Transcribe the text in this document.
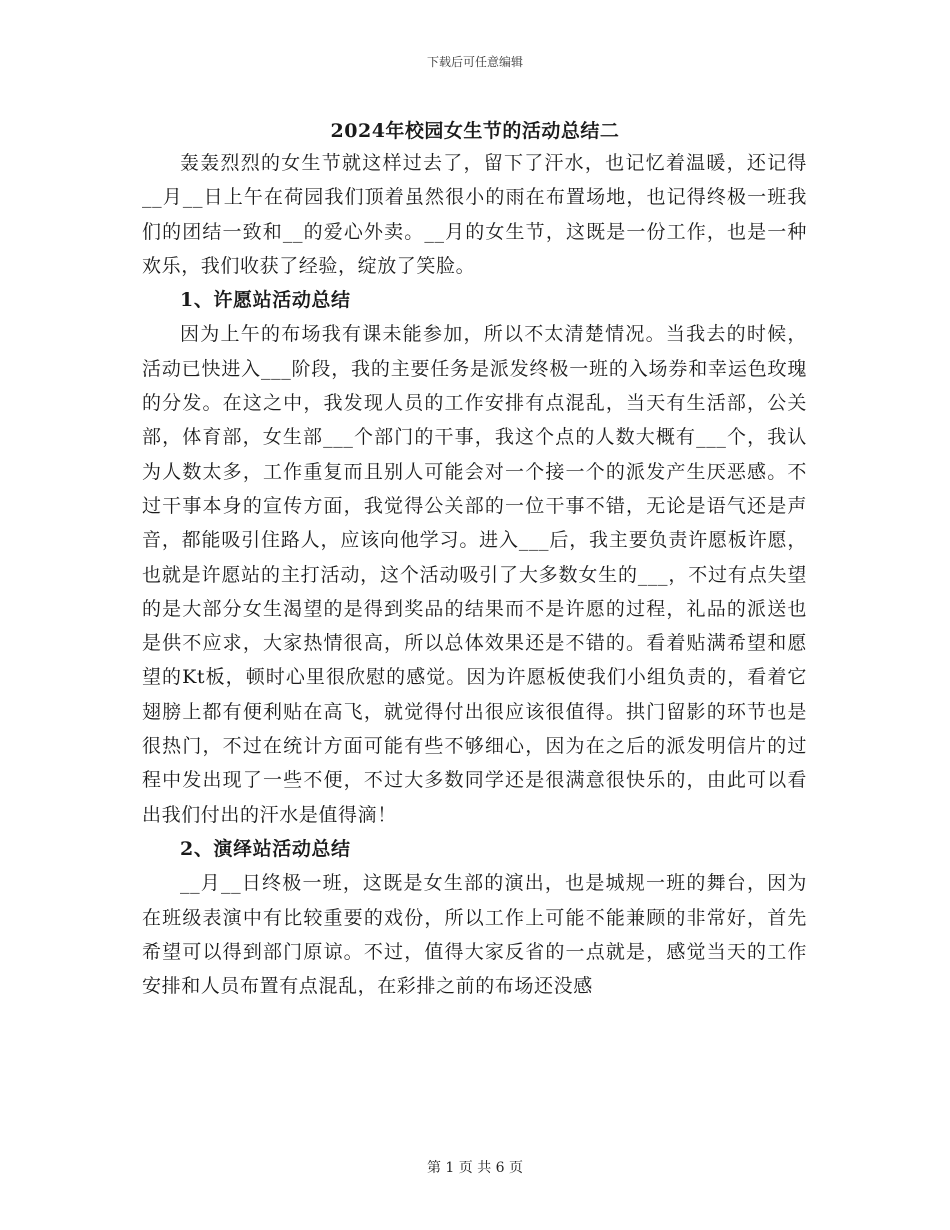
下载后可任意编辑
2024年校园女生节的活动总结二

轰轰烈烈的女生节就这样过去了，留下了汗水，也记忆着温暖，还记得__月__日上午在荷园我们顶着虽然很小的雨在布置场地，也记得终极一班我们的团结一致和__的爱心外卖。__月的女生节，这既是一份工作，也是一种欢乐，我们收获了经验，绽放了笑脸。

1、许愿站活动总结

因为上午的布场我有课未能参加，所以不太清楚情况。当我去的时候，活动已快进入___阶段，我的主要任务是派发终极一班的入场券和幸运色玫瑰的分发。在这之中，我发现人员的工作安排有点混乱，当天有生活部，公关部，体育部，女生部___个部门的干事，我这个点的人数大概有___个，我认为人数太多，工作重复而且别人可能会对一个接一个的派发产生厌恶感。不过干事本身的宣传方面，我觉得公关部的一位干事不错，无论是语气还是声音，都能吸引住路人，应该向他学习。进入___后，我主要负责许愿板许愿，也就是许愿站的主打活动，这个活动吸引了大多数女生的___，不过有点失望的是大部分女生渴望的是得到奖品的结果而不是许愿的过程，礼品的派送也是供不应求，大家热情很高，所以总体效果还是不错的。看着贴满希望和愿望的Kt板，顿时心里很欣慰的感觉。因为许愿板使我们小组负责的，看着它翅膀上都有便利贴在高飞，就觉得付出很应该很值得。拱门留影的环节也是很热门，不过在统计方面可能有些不够细心，因为在之后的派发明信片的过程中发出现了一些不便，不过大多数同学还是很满意很快乐的，由此可以看出我们付出的汗水是值得滴！

2、演绎站活动总结

__月__日终极一班，这既是女生部的演出，也是城规一班的舞台，因为在班级表演中有比较重要的戏份，所以工作上可能不能兼顾的非常好，首先希望可以得到部门原谅。不过，值得大家反省的一点就是，感觉当天的工作安排和人员布置有点混乱，在彩排之前的布场还没感

第 1 页 共 6 页
